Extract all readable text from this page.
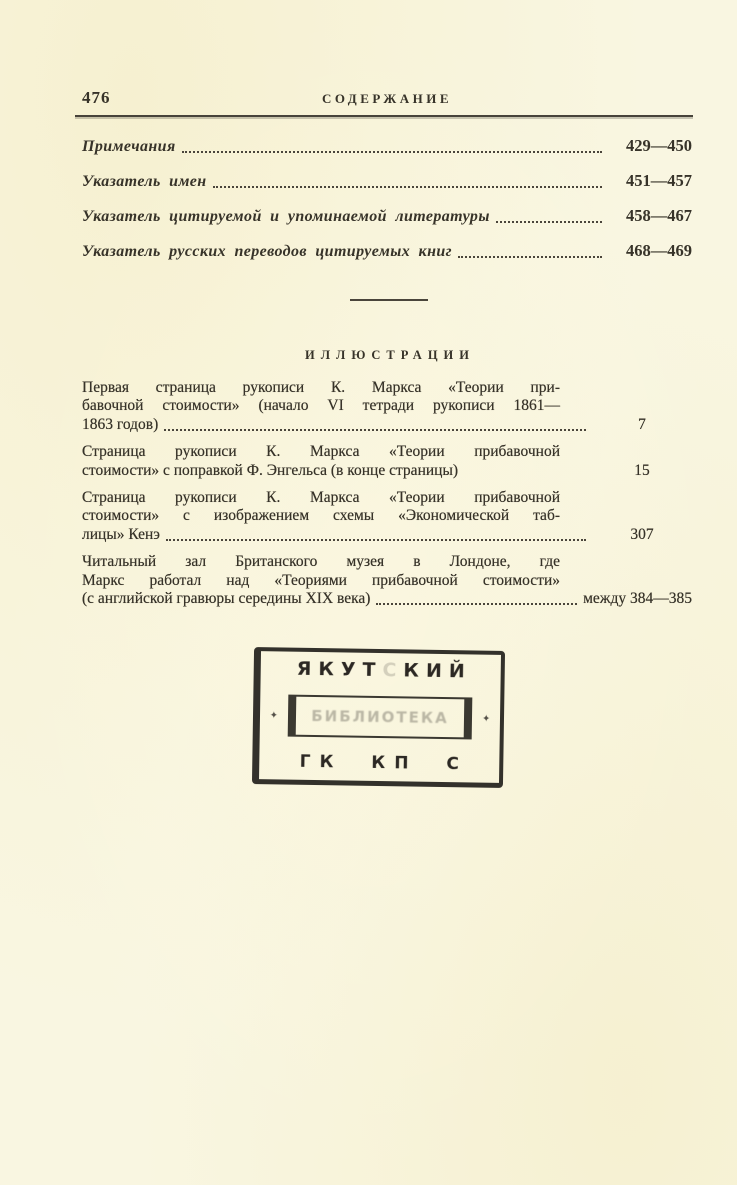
476	СОДЕРЖАНИЕ
Примечания	429—450
Указатель имен	451—457
Указатель цитируемой и упоминаемой литературы	458—467
Указатель русских переводов цитируемых книг	468—469
ИЛЛЮСТРАЦИИ
Первая страница рукописи К. Маркса «Теории при-
бавочной стоимости» (начало VI тетради рукописи 1861—
1863 годов)	7
Страница рукописи К. Маркса «Теории прибавочной
стоимости» с поправкой Ф. Энгельса (в конце страницы)	15
Страница рукописи К. Маркса «Теории прибавочной
стоимости» с изображением схемы «Экономической таб-
лицы» Кенэ	307
Читальный зал Британского музея в Лондоне, где
Маркс работал над «Теориями прибавочной стоимости»
(с английской гравюры середины XIX века)	между 384—385
ЯКУТСКИЙ
✦ БИБЛИОТЕКА	✦
ГК КП С
